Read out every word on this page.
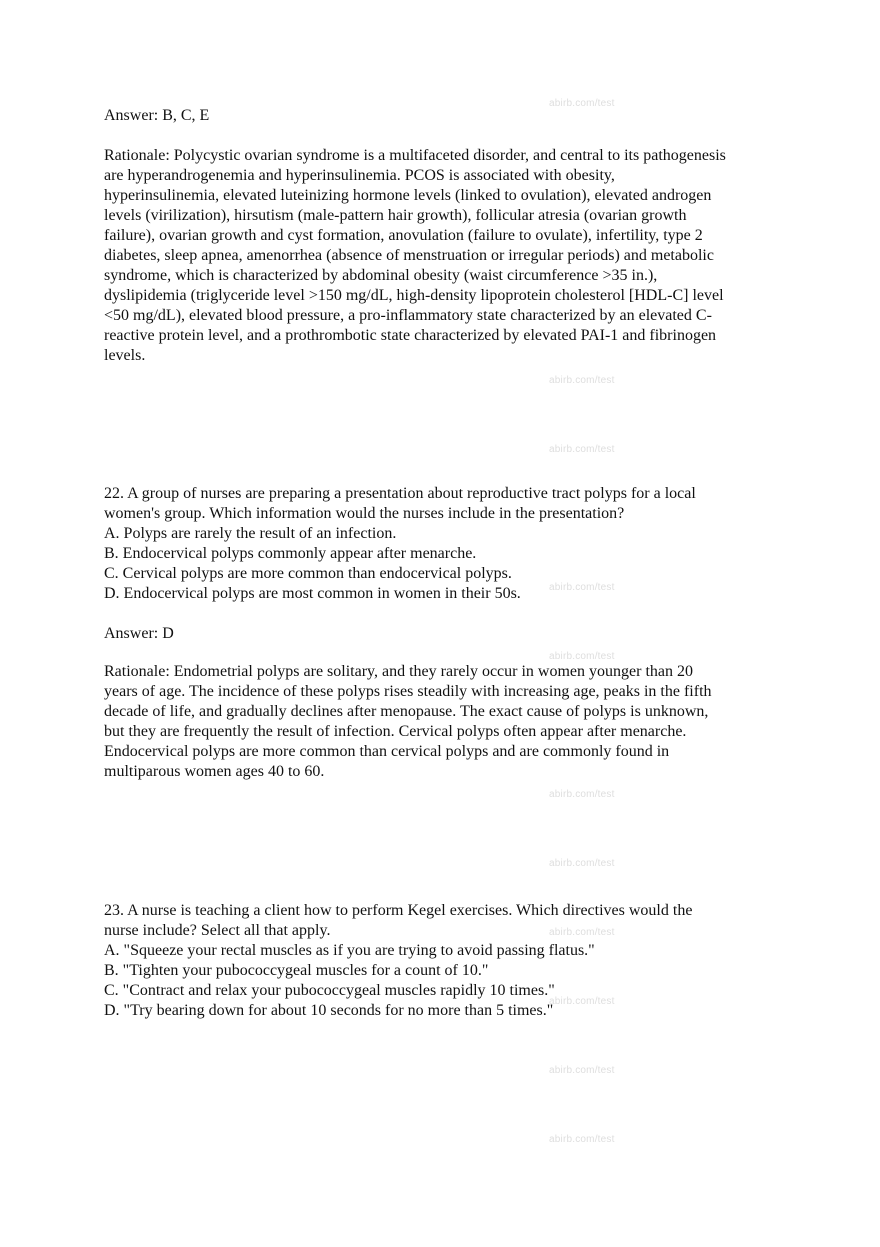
abirb.com/test
abirb.com/test
abirb.com/test
abirb.com/test
abirb.com/test
abirb.com/test
abirb.com/test
abirb.com/test
abirb.com/test
abirb.com/test
abirb.com/test
Answer: B, C, E
Rationale: Polycystic ovarian syndrome is a multifaceted disorder, and central to its pathogenesis
are hyperandrogenemia and hyperinsulinemia. PCOS is associated with obesity,
hyperinsulinemia, elevated luteinizing hormone levels (linked to ovulation), elevated androgen
levels (virilization), hirsutism (male-pattern hair growth), follicular atresia (ovarian growth
failure), ovarian growth and cyst formation, anovulation (failure to ovulate), infertility, type 2
diabetes, sleep apnea, amenorrhea (absence of menstruation or irregular periods) and metabolic
syndrome, which is characterized by abdominal obesity (waist circumference >35 in.),
dyslipidemia (triglyceride level >150 mg/dL, high-density lipoprotein cholesterol [HDL-C] level
<50 mg/dL), elevated blood pressure, a pro-inflammatory state characterized by an elevated C-
reactive protein level, and a prothrombotic state characterized by elevated PAI-1 and fibrinogen
levels.
22. A group of nurses are preparing a presentation about reproductive tract polyps for a local
women's group. Which information would the nurses include in the presentation?
A. Polyps are rarely the result of an infection.
B. Endocervical polyps commonly appear after menarche.
C. Cervical polyps are more common than endocervical polyps.
D. Endocervical polyps are most common in women in their 50s.
Answer: D
Rationale: Endometrial polyps are solitary, and they rarely occur in women younger than 20
years of age. The incidence of these polyps rises steadily with increasing age, peaks in the fifth
decade of life, and gradually declines after menopause. The exact cause of polyps is unknown,
but they are frequently the result of infection. Cervical polyps often appear after menarche.
Endocervical polyps are more common than cervical polyps and are commonly found in
multiparous women ages 40 to 60.
23. A nurse is teaching a client how to perform Kegel exercises. Which directives would the
nurse include? Select all that apply.
A. "Squeeze your rectal muscles as if you are trying to avoid passing flatus."
B. "Tighten your pubococcygeal muscles for a count of 10."
C. "Contract and relax your pubococcygeal muscles rapidly 10 times."
D. "Try bearing down for about 10 seconds for no more than 5 times."
